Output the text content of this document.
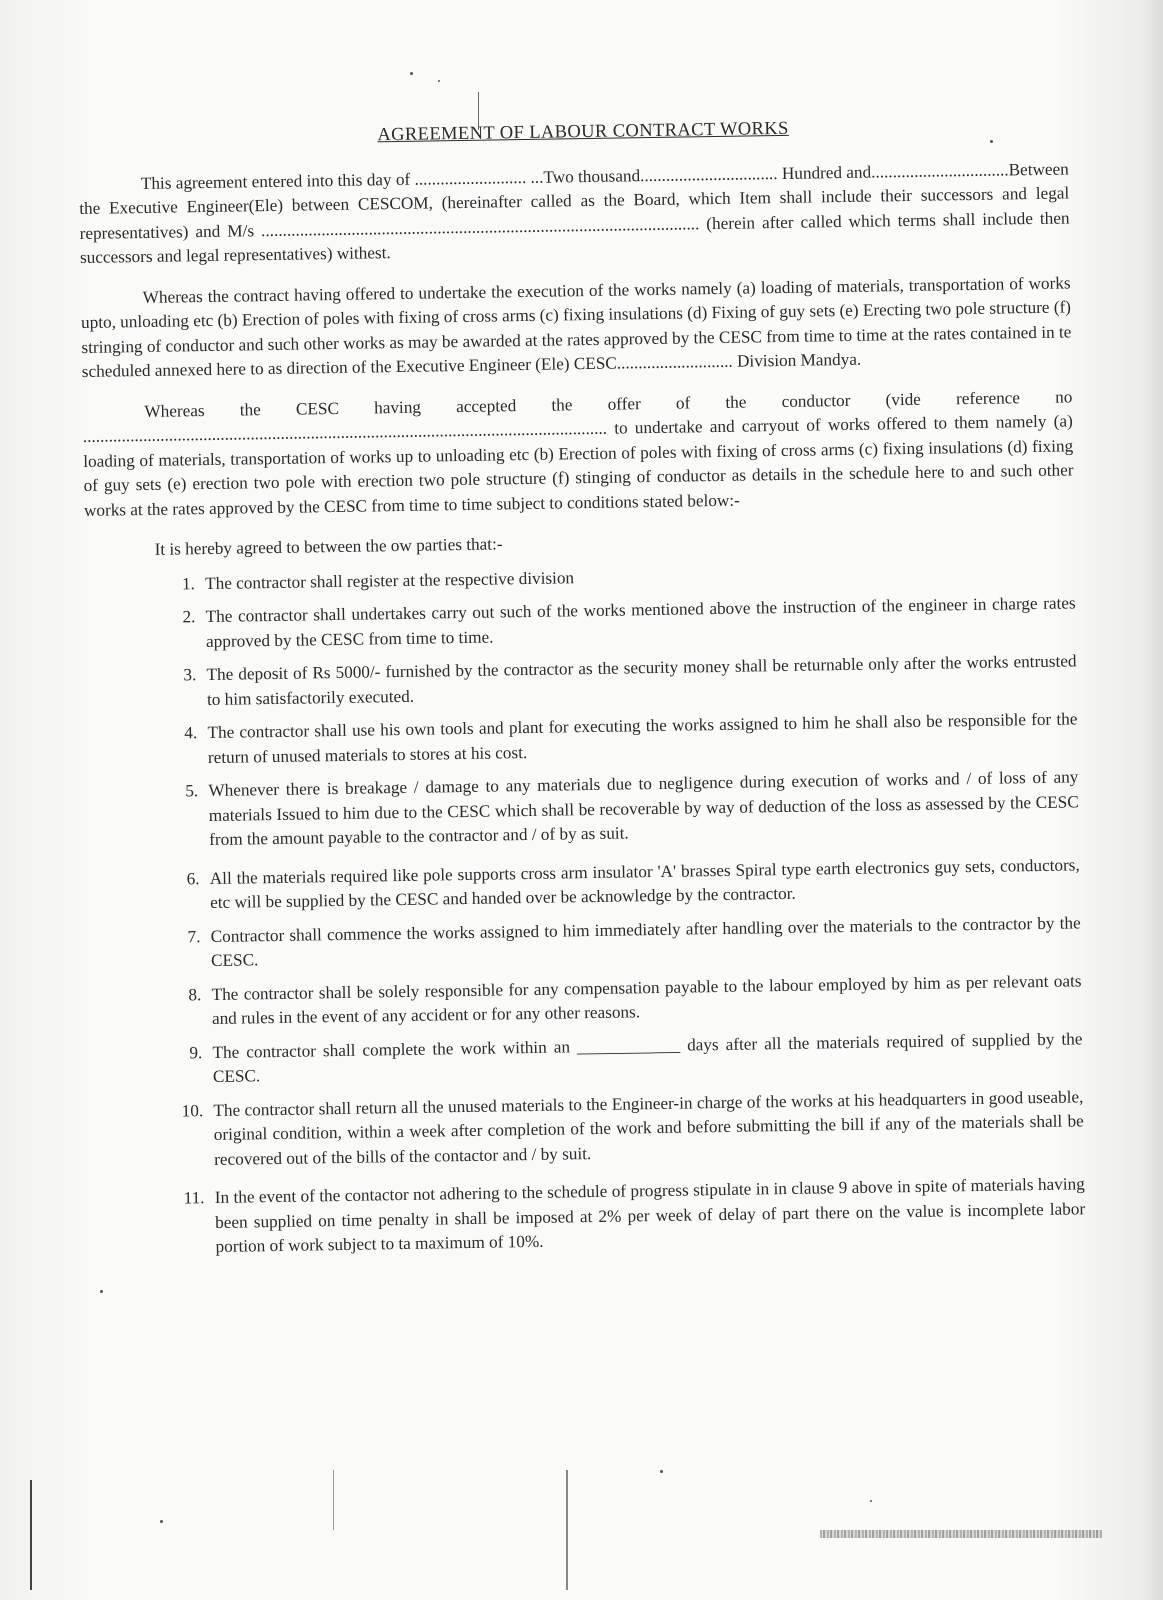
AGREEMENT OF LABOUR CONTRACT WORKS

This agreement entered into this day of .......................... ...Two thousand................................ Hundred and................................Between the Executive Engineer(Ele) between CESCOM, (hereinafter called as the Board, which Item shall include their successors and legal representatives) and M/s ...................................................................................................... (herein after called which terms shall include then successors and legal representatives) withest.

Whereas the contract having offered to undertake the execution of the works namely (a) loading of materials, transportation of works upto, unloading etc (b) Erection of poles with fixing of cross arms (c) fixing insulations (d) Fixing of guy sets (e) Erecting two pole structure (f) stringing of conductor and such other works as may be awarded at the rates approved by the CESC from time to time at the rates contained in te scheduled annexed here to as direction of the Executive Engineer (Ele) CESC........................... Division Mandya.

Whereas the CESC having accepted the offer of the conductor (vide reference no .......................................................................................................................... to undertake and carryout of works offered to them namely (a) loading of materials, transportation of works up to unloading etc (b) Erection of poles with fixing of cross arms (c) fixing insulations (d) fixing of guy sets (e) erection two pole with erection two pole structure (f) stinging of conductor as details in the schedule here to and such other works at the rates approved by the CESC from time to time subject to conditions stated below:-

It is hereby agreed to between the ow parties that:-

1. The contractor shall register at the respective division
2. The contractor shall undertakes carry out such of the works mentioned above the instruction of the engineer in charge rates approved by the CESC from time to time.
3. The deposit of Rs 5000/- furnished by the contractor as the security money shall be returnable only after the works entrusted to him satisfactorily executed.
4. The contractor shall use his own tools and plant for executing the works assigned to him he shall also be responsible for the return of unused materials to stores at his cost.
5. Whenever there is breakage / damage to any materials due to negligence during execution of works and / of loss of any materials Issued to him due to the CESC which shall be recoverable by way of deduction of the loss as assessed by the CESC from the amount payable to the contractor and / of by as suit.
6. All the materials required like pole supports cross arm insulator 'A' brasses Spiral type earth electronics guy sets, conductors, etc will be supplied by the CESC and handed over be acknowledge by the contractor.
7. Contractor shall commence the works assigned to him immediately after handling over the materials to the contractor by the CESC.
8. The contractor shall be solely responsible for any compensation payable to the labour employed by him as per relevant oats and rules in the event of any accident or for any other reasons.
9. The contractor shall complete the work within an ____________ days after all the materials required of supplied by the CESC.
10. The contractor shall return all the unused materials to the Engineer-in charge of the works at his headquarters in good useable, original condition, within a week after completion of the work and before submitting the bill if any of the materials shall be recovered out of the bills of the contactor and / by suit.
11. In the event of the contactor not adhering to the schedule of progress stipulate in in clause 9 above in spite of materials having been supplied on time penalty in shall be imposed at 2% per week of delay of part there on the value is incomplete labor portion of work subject to ta maximum of 10%.
